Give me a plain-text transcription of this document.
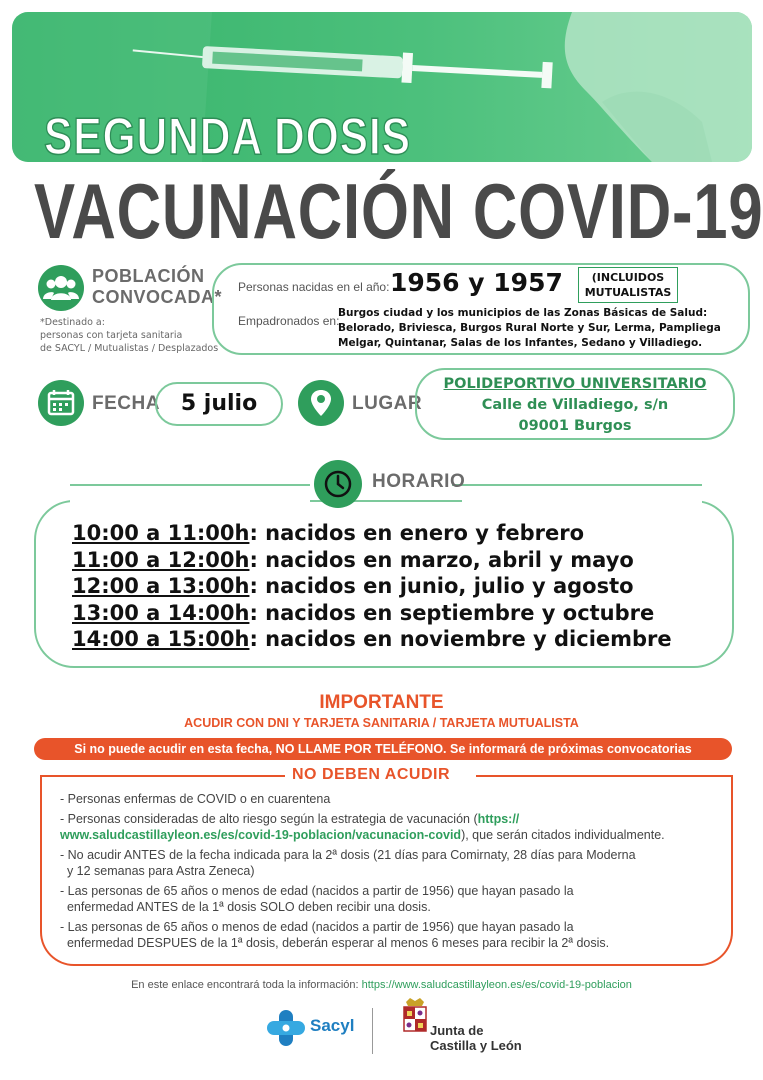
SEGUNDA DOSIS
VACUNACIÓN COVID-19
POBLACIÓN
CONVOCADA*
*Destinado a:
personas con tarjeta sanitaria
de SACYL / Mutualistas / Desplazados
Personas nacidas en el año: 1956 y 1957	(INCLUIDOS
MUTUALISTAS
Empadronados en:
Burgos ciudad y los municipios de las Zonas Básicas de Salud:
Belorado, Briviesca, Burgos Rural Norte y Sur, Lerma, Pampliega
Melgar, Quintanar, Salas de los Infantes, Sedano y Villadiego.
FECHA 5 julio	LUGAR
POLIDEPORTIVO UNIVERSITARIO
Calle de Villadiego, s/n
09001 Burgos
HORARIO
10:00 a 11:00h: nacidos en enero y febrero
11:00 a 12:00h: nacidos en marzo, abril y mayo
12:00 a 13:00h: nacidos en junio, julio y agosto
13:00 a 14:00h: nacidos en septiembre y octubre
14:00 a 15:00h: nacidos en noviembre y diciembre
IMPORTANTE
ACUDIR CON DNI Y TARJETA SANITARIA / TARJETA MUTUALISTA
Si no puede acudir en esta fecha, NO LLAME POR TELÉFONO. Se informará de próximas convocatorias
NO DEBEN ACUDIR
- Personas enfermas de COVID o en cuarentena
- Personas consideradas de alto riesgo según la estrategia de vacunación (https://
www.saludcastillayleon.es/es/covid-19-poblacion/vacunacion-covid), que serán citados individualmente.
- No acudir ANTES de la fecha indicada para la 2ª dosis (21 días para Comirnaty, 28 días para Moderna
y 12 semanas para Astra Zeneca)
- Las personas de 65 años o menos de edad (nacidos a partir de 1956) que hayan pasado la
enfermedad ANTES de la 1ª dosis SOLO deben recibir una dosis.
- Las personas de 65 años o menos de edad (nacidos a partir de 1956) que hayan pasado la
enfermedad DESPUES de la 1ª dosis, deberán esperar al menos 6 meses para recibir la 2ª dosis.
En este enlace encontrará toda la información: https://www.saludcastillayleon.es/es/covid-19-poblacion
Sacyl	Junta de
Castilla y León
